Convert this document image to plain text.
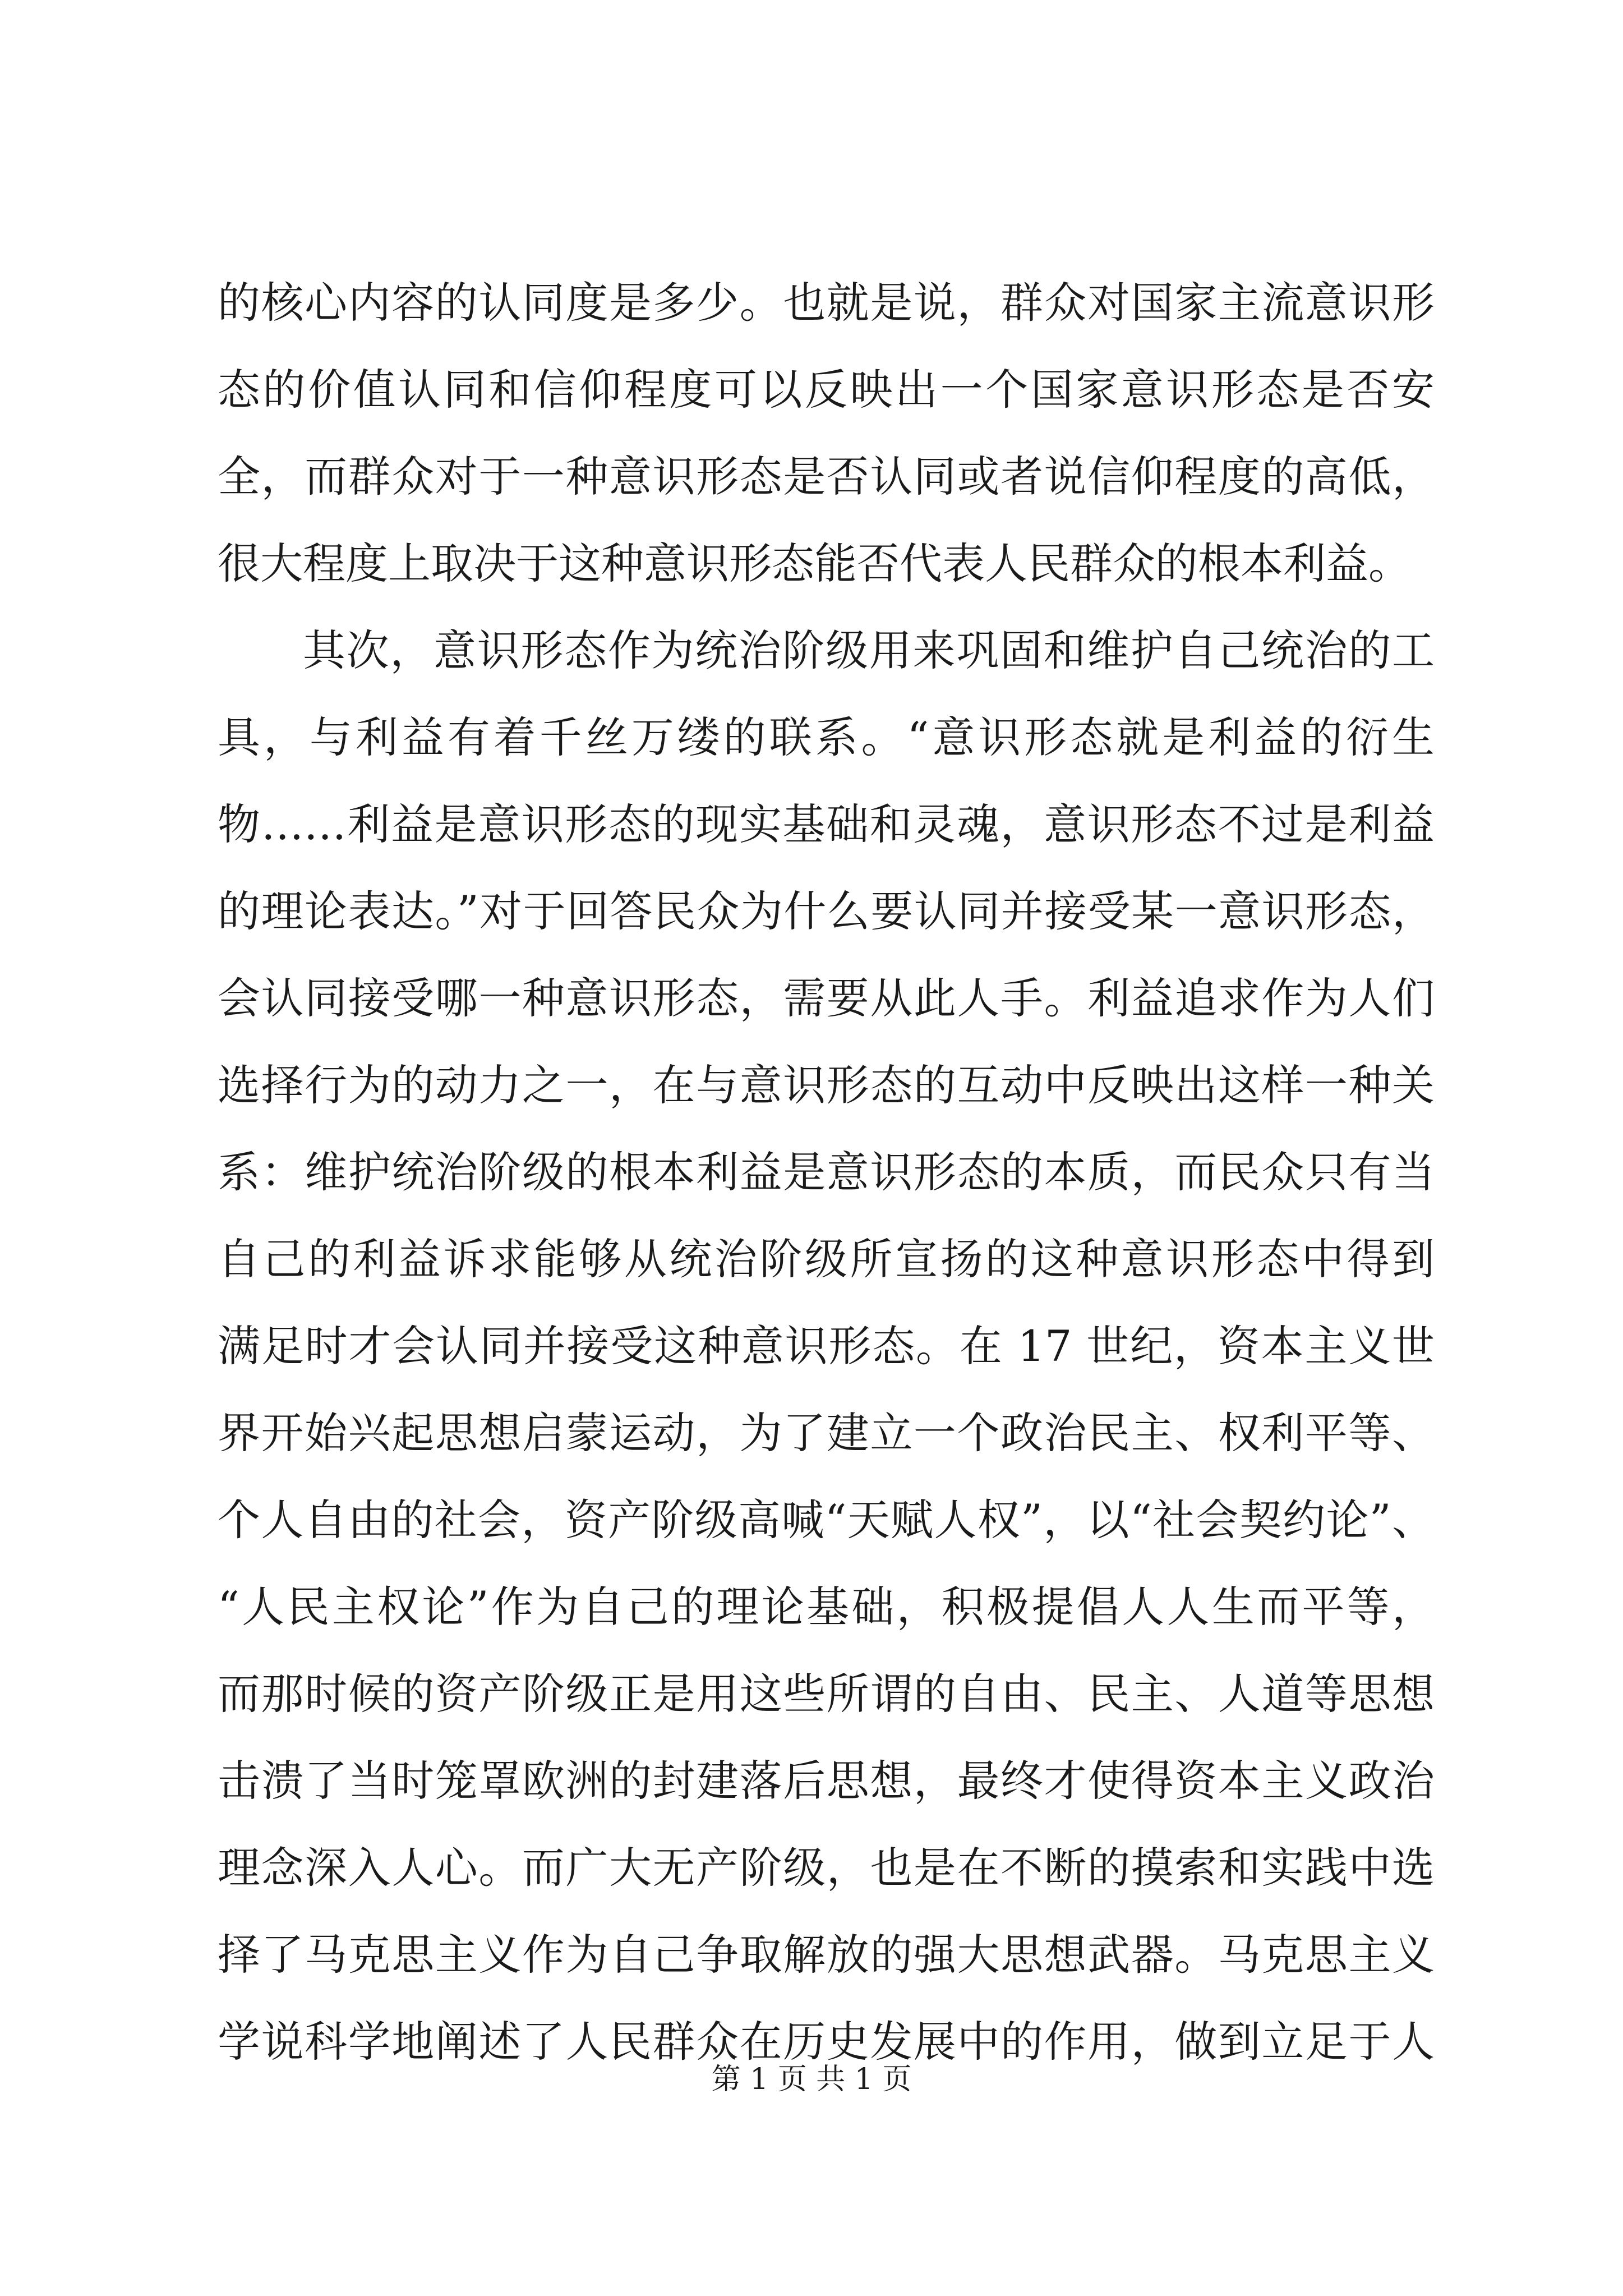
的核心内容的认同度是多少。也就是说，群众对国家主流意识形
态的价值认同和信仰程度可以反映出一个国家意识形态是否安
全，而群众对于一种意识形态是否认同或者说信仰程度的高低，
很大程度上取决于这种意识形态能否代表人民群众的根本利益。
其次，意识形态作为统治阶级用来巩固和维护自己统治的工
具，与利益有着千丝万缕的联系。“意识形态就是利益的衍生
物……利益是意识形态的现实基础和灵魂，意识形态不过是利益
的理论表达。”对于回答民众为什么要认同并接受某一意识形态，
会认同接受哪一种意识形态，需要从此人手。利益追求作为人们
选择行为的动力之一，在与意识形态的互动中反映出这样一种关
系：维护统治阶级的根本利益是意识形态的本质，而民众只有当
自己的利益诉求能够从统治阶级所宣扬的这种意识形态中得到
满足时才会认同并接受这种意识形态。在 17 世纪，资本主义世
界开始兴起思想启蒙运动，为了建立一个政治民主、权利平等、
个人自由的社会，资产阶级高喊“天赋人权”，以“社会契约论”、
“人民主权论”作为自己的理论基础，积极提倡人人生而平等，
而那时候的资产阶级正是用这些所谓的自由、民主、人道等思想
击溃了当时笼罩欧洲的封建落后思想，最终才使得资本主义政治
理念深入人心。而广大无产阶级，也是在不断的摸索和实践中选
择了马克思主义作为自己争取解放的强大思想武器。马克思主义
学说科学地阐述了人民群众在历史发展中的作用，做到立足于人
第 1 页 共 1 页
